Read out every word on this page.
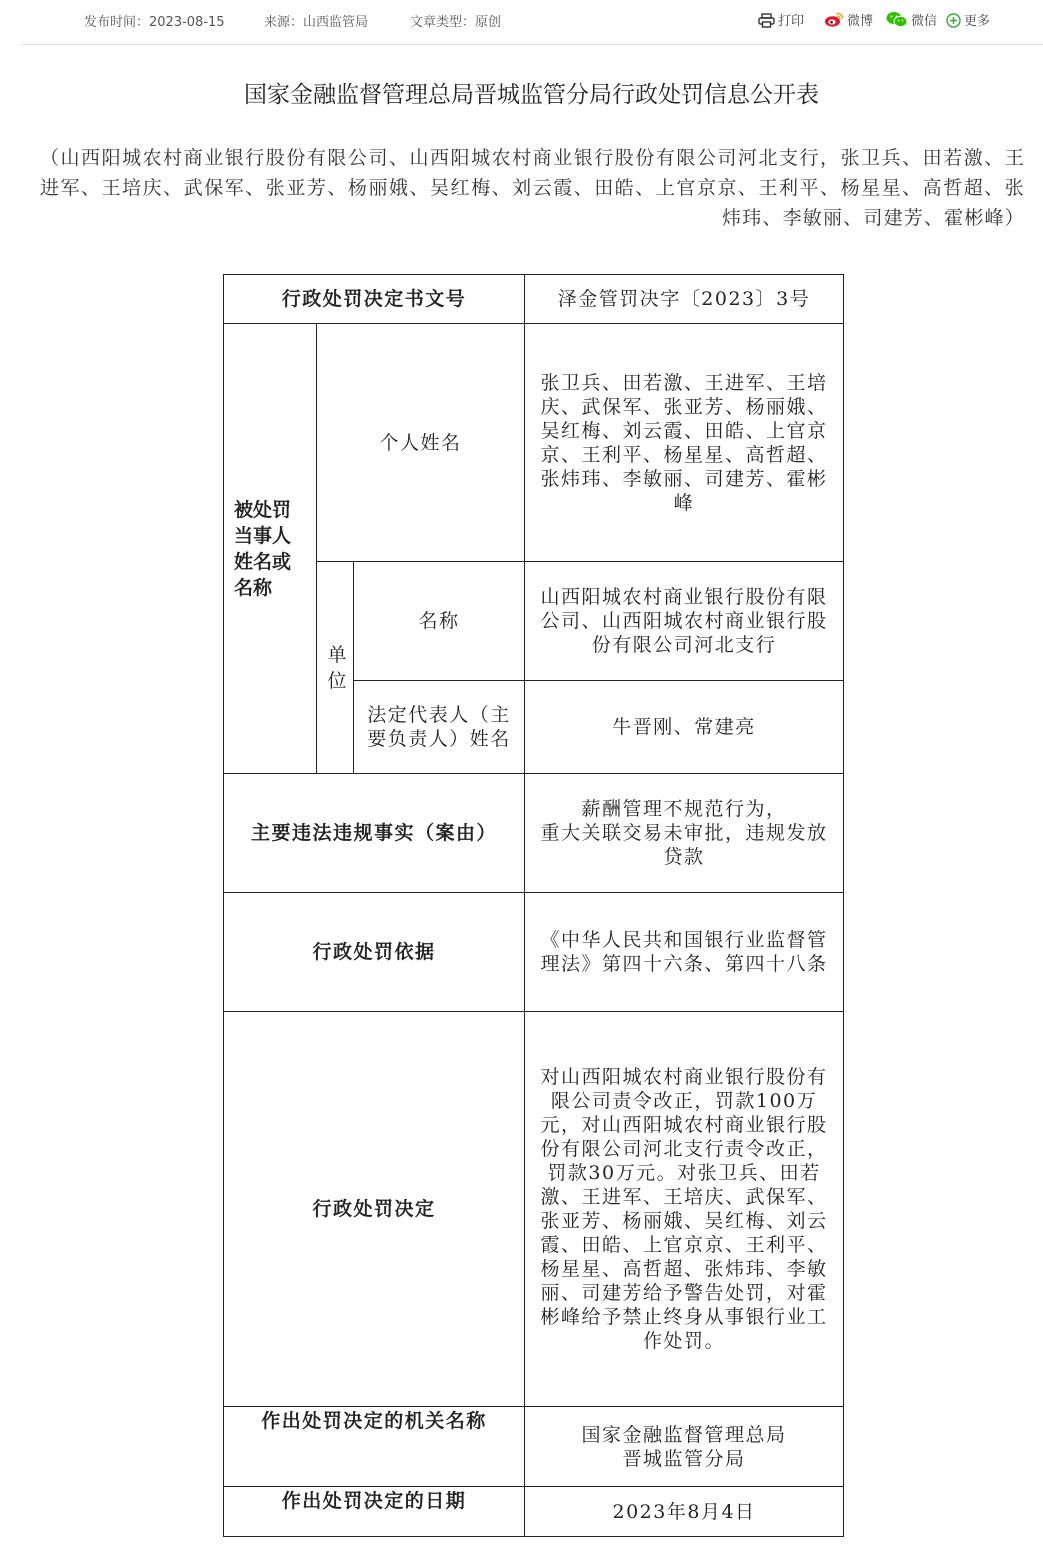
发布时间：2023-08-15	来源：山西监管局	文章类型：原创	打印	微博	微信	更多
国家金融监督管理总局晋城监管分局行政处罚信息公开表
（山西阳城农村商业银行股份有限公司、山西阳城农村商业银行股份有限公司河北支行，张卫兵、田若激、王进军、王培庆、武保军、张亚芳、杨丽娥、吴红梅、刘云霞、田皓、上官京京、王利平、杨星星、高哲超、张炜玮、李敏丽、司建芳、霍彬峰）
行政处罚决定书文号			泽金管罚决字〔2023〕3号
被处罚当事人姓名或名称	个人姓名		张卫兵、田若激、王进军、王培庆、武保军、张亚芳、杨丽娥、吴红梅、刘云霞、田皓、上官京京、王利平、杨星星、高哲超、张炜玮、李敏丽、司建芳、霍彬峰
	单位	名称	山西阳城农村商业银行股份有限公司、山西阳城农村商业银行股份有限公司河北支行
		法定代表人（主要负责人）姓名	牛晋刚、常建亮
主要违法违规事实（案由）			薪酬管理不规范行为，
重大关联交易未审批，违规发放贷款

行政处罚依据			《中华人民共和国银行业监督管理法》第四十六条、第四十八条
行政处罚决定			对山西阳城农村商业银行股份有限公司责令改正，罚款100万元，对山西阳城农村商业银行股份有限公司河北支行责令改正，罚款30万元。对张卫兵、田若激、王进军、王培庆、武保军、张亚芳、杨丽娥、吴红梅、刘云霞、田皓、上官京京、王利平、杨星星、高哲超、张炜玮、李敏丽、司建芳给予警告处罚，对霍彬峰给予禁止终身从事银行业工作处罚。
作出处罚决定的机关名称			国家金融监督管理总局
晋城监管分局

作出处罚决定的日期			2023年8月4日
